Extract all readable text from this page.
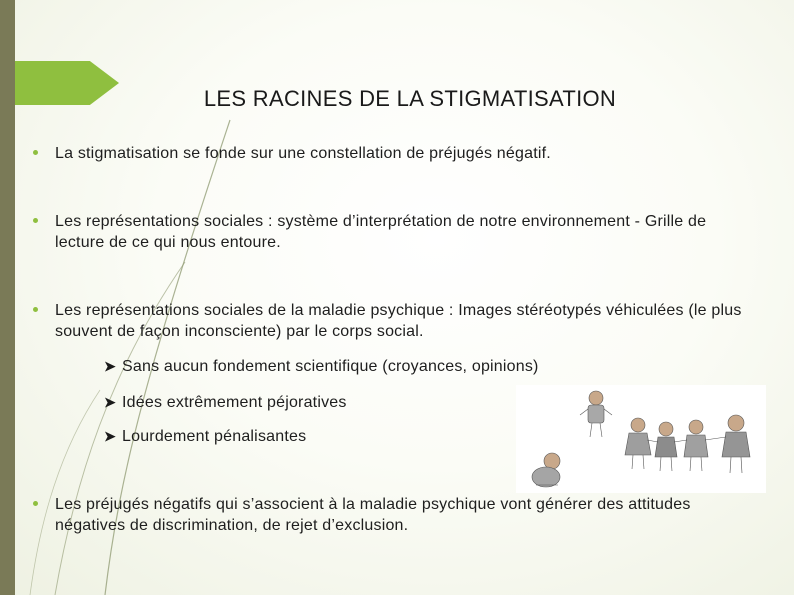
LES RACINES DE LA STIGMATISATION
La stigmatisation se fonde sur une constellation de préjugés négatif.
Les représentations sociales : système d’interprétation de notre environnement - Grille de lecture de ce qui nous entoure.
Les représentations sociales de la maladie psychique : Images stéréotypés véhiculées (le plus souvent de façon inconsciente) par le corps social.
➤ Sans aucun fondement scientifique (croyances, opinions)
➤ Idées extrêmement péjoratives
➤ Lourdement pénalisantes
Les préjugés négatifs qui s’associent à la maladie psychique vont générer des attitudes négatives de discrimination, de rejet d’exclusion.
